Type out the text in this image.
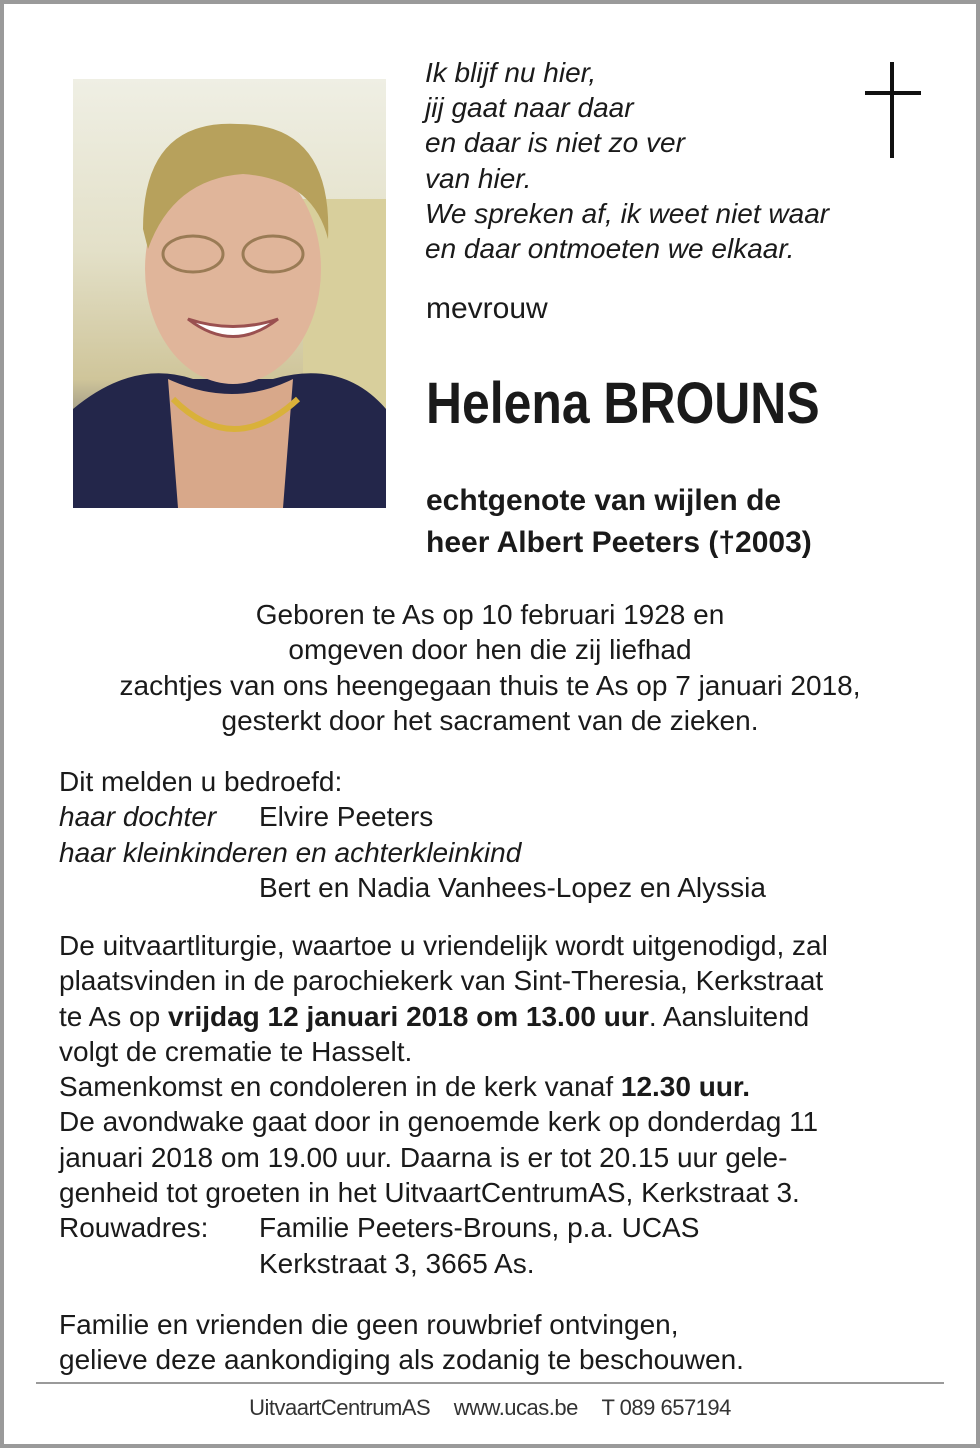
Ik blijf nu hier,
jij gaat naar daar
en daar is niet zo ver
van hier.
We spreken af, ik weet niet waar
en daar ontmoeten we elkaar.
mevrouw
Helena BROUNS
echtgenote van wijlen de
heer Albert Peeters (†2003)
Geboren te As op 10 februari 1928 en
omgeven door hen die zij liefhad
zachtjes van ons heengegaan thuis te As op 7 januari 2018,
gesterkt door het sacrament van de zieken.
Dit melden u bedroefd:
haar dochter Elvire Peeters
haar kleinkinderen en achterkleinkind
Bert en Nadia Vanhees-Lopez en Alyssia
De uitvaartliturgie, waartoe u vriendelijk wordt uitgenodigd, zal
plaatsvinden in de parochiekerk van Sint-Theresia, Kerkstraat
te As op vrijdag 12 januari 2018 om 13.00 uur. Aansluitend
volgt de crematie te Hasselt.
Samenkomst en condoleren in de kerk vanaf 12.30 uur.
De avondwake gaat door in genoemde kerk op donderdag 11
januari 2018 om 19.00 uur. Daarna is er tot 20.15 uur gele-
genheid tot groeten in het UitvaartCentrumAS, Kerkstraat 3.
Rouwadres: Familie Peeters-Brouns, p.a. UCAS
Kerkstraat 3, 3665 As.
Familie en vrienden die geen rouwbrief ontvingen,
gelieve deze aankondiging als zodanig te beschouwen.
UitvaartCentrumAS www.ucas.be T 089 657194
